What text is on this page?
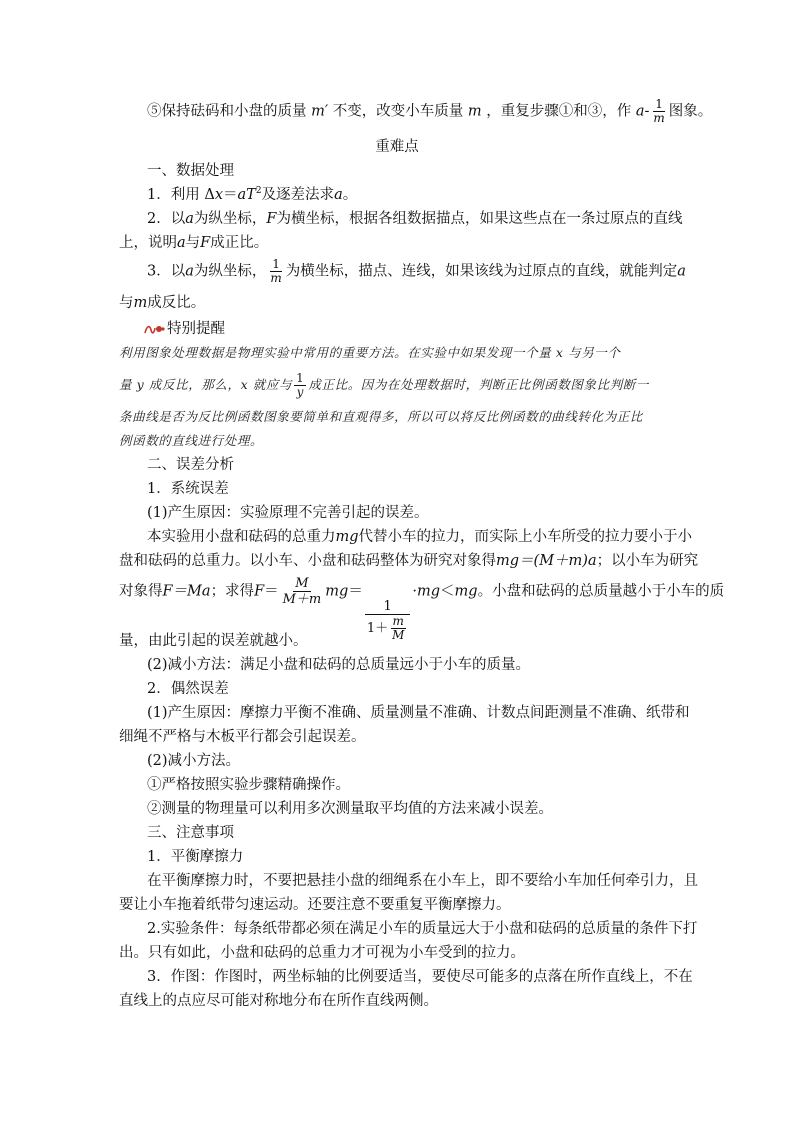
⑤保持砝码和小盘的质量 m′ 不变，改变小车质量 m ，重复步骤①和③，作 $a- \frac{1}{m}$ 图象。
重难点
一、数据处理
1．利用 $\Delta x=aT^2$及逐差法求a。
2．以a为纵坐标，F为横坐标，根据各组数据描点，如果这些点在一条过原点的直线
上，说明a与F成正比。
3．以a为纵坐标， $\frac{1}{m}$ 为横坐标，描点、连线，如果该线为过原点的直线，就能判定a
与m成反比。
特别提醒
利用图象处理数据是物理实验中常用的重要方法。在实验中如果发现一个量 x 与另一个
量 y 成反比，那么，x 就应与 $\frac{1}{y}$ 成正比。因为在处理数据时，判断正比例函数图象比判断一
条曲线是否为反比例函数图象要简单和直观得多，所以可以将反比例函数的曲线转化为正比
例函数的直线进行处理。
二、误差分析
1．系统误差
(1)产生原因：实验原理不完善引起的误差。
本实验用小盘和砝码的总重力mg代替小车的拉力，而实际上小车所受的拉力要小于小
盘和砝码的总重力。以小车、小盘和砝码整体为研究对象得mg＝(M＋m)a；以小车为研究
对象得F＝Ma；求得$F= \frac{M}{M+m} mg=$
$\frac{1}{1+ \frac{m}{M}}$
·mg＜mg。小盘和砝码的总质量越小于小车的质
量，由此引起的误差就越小。
(2)减小方法：满足小盘和砝码的总质量远小于小车的质量。
2．偶然误差
(1)产生原因：摩擦力平衡不准确、质量测量不准确、计数点间距测量不准确、纸带和
细绳不严格与木板平行都会引起误差。
(2)减小方法。
①严格按照实验步骤精确操作。
②测量的物理量可以利用多次测量取平均值的方法来减小误差。
三、注意事项
1．平衡摩擦力
在平衡摩擦力时，不要把悬挂小盘的细绳系在小车上，即不要给小车加任何牵引力，且
要让小车拖着纸带匀速运动。还要注意不要重复平衡摩擦力。
2.实验条件：每条纸带都必须在满足小车的质量远大于小盘和砝码的总质量的条件下打
出。只有如此，小盘和砝码的总重力才可视为小车受到的拉力。
3．作图：作图时，两坐标轴的比例要适当，要使尽可能多的点落在所作直线上，不在
直线上的点应尽可能对称地分布在所作直线两侧。
